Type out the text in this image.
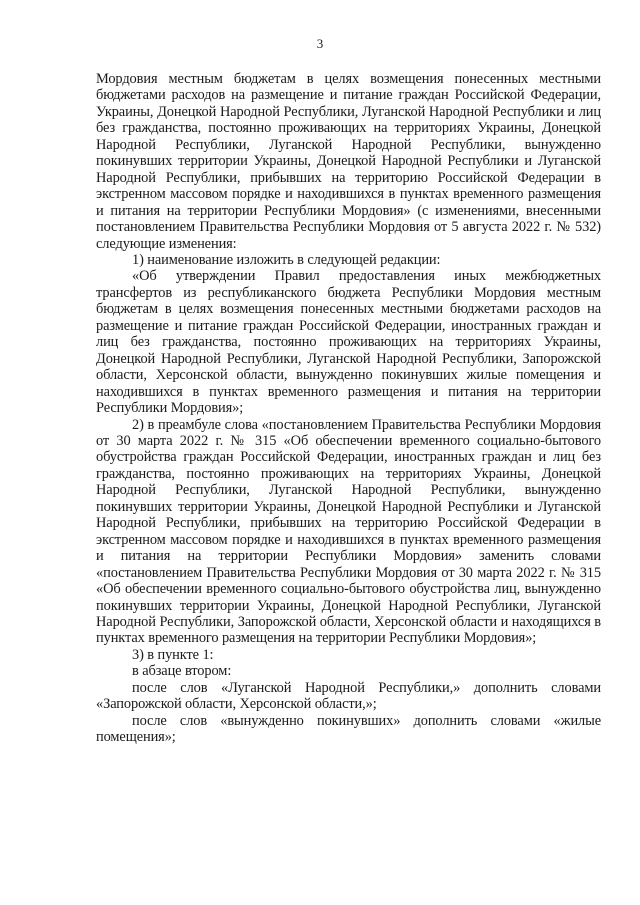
3

Мордовия местным бюджетам в целях возмещения понесенных местными бюджетами расходов на размещение и питание граждан Российской Федерации, Украины, Донецкой Народной Республики, Луганской Народной Республики и лиц без гражданства, постоянно проживающих на территориях Украины, Донецкой Народной Республики, Луганской Народной Республики, вынужденно покинувших территории Украины, Донецкой Народной Республики и Луганской Народной Республики, прибывших на территорию Российской Федерации в экстренном массовом порядке и находившихся в пунктах временного размещения и питания на территории Республики Мордовия» (с изменениями, внесенными постановлением Правительства Республики Мордовия от 5 августа 2022 г. № 532) следующие изменения:

1) наименование изложить в следующей редакции:

«Об утверждении Правил предоставления иных межбюджетных трансфертов из республиканского бюджета Республики Мордовия местным бюджетам в целях возмещения понесенных местными бюджетами расходов на размещение и питание граждан Российской Федерации, иностранных граждан и лиц без гражданства, постоянно проживающих на территориях Украины, Донецкой Народной Республики, Луганской Народной Республики, Запорожской области, Херсонской области, вынужденно покинувших жилые помещения и находившихся в пунктах временного размещения и питания на территории Республики Мордовия»;

2) в преамбуле слова «постановлением Правительства Республики Мордовия от 30 марта 2022 г. № 315 «Об обеспечении временного социально-бытового обустройства граждан Российской Федерации, иностранных граждан и лиц без гражданства, постоянно проживающих на территориях Украины, Донецкой Народной Республики, Луганской Народной Республики, вынужденно покинувших территории Украины, Донецкой Народной Республики и Луганской Народной Республики, прибывших на территорию Российской Федерации в экстренном массовом порядке и находившихся в пунктах временного размещения и питания на территории Республики Мордовия» заменить словами «постановлением Правительства Республики Мордовия от 30 марта 2022 г. № 315 «Об обеспечении временного социально-бытового обустройства лиц, вынужденно покинувших территории Украины, Донецкой Народной Республики, Луганской Народной Республики, Запорожской области, Херсонской области и находящихся в пунктах временного размещения на территории Республики Мордовия»;

3) в пункте 1:

в абзаце втором:

после слов «Луганской Народной Республики,» дополнить словами «Запорожской области, Херсонской области,»;

после слов «вынужденно покинувших» дополнить словами «жилые помещения»;
